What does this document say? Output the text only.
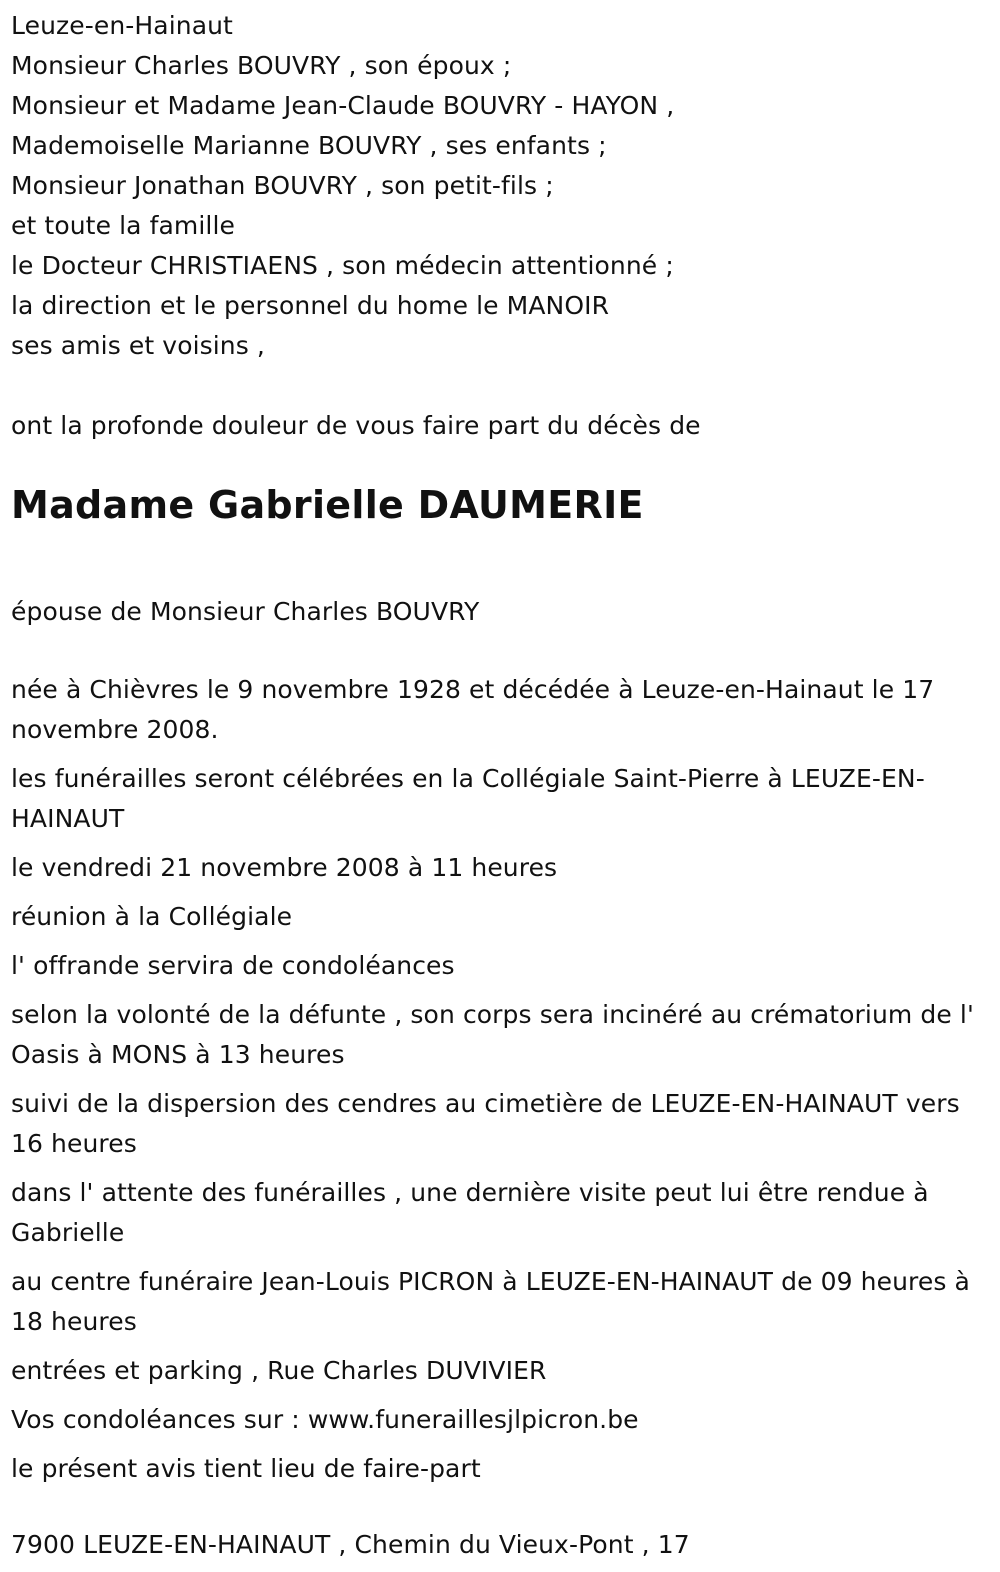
Leuze-en-Hainaut

Monsieur Charles BOUVRY , son époux ;

Monsieur et Madame Jean-Claude BOUVRY - HAYON ,

Mademoiselle Marianne BOUVRY , ses enfants ;

Monsieur Jonathan BOUVRY , son petit-fils ;

et toute la famille

le Docteur CHRISTIAENS , son médecin attentionné ;

la direction et le personnel du home le MANOIR

ses amis et voisins ,

ont la profonde douleur de vous faire part du décès de

Madame Gabrielle DAUMERIE

épouse de Monsieur Charles BOUVRY

née à Chièvres le 9 novembre 1928 et décédée à Leuze-en-Hainaut le 17 novembre 2008.

les funérailles seront célébrées en la Collégiale Saint-Pierre à LEUZE-EN-HAINAUT

le vendredi 21 novembre 2008 à 11 heures

réunion à la Collégiale

l' offrande servira de condoléances

selon la volonté de la défunte , son corps sera incinéré au crématorium de l' Oasis à MONS à 13 heures

suivi de la dispersion des cendres au cimetière de LEUZE-EN-HAINAUT vers 16 heures

dans l' attente des funérailles , une dernière visite peut lui être rendue à Gabrielle

au centre funéraire Jean-Louis PICRON à LEUZE-EN-HAINAUT de 09 heures à 18 heures

entrées et parking , Rue Charles DUVIVIER

Vos condoléances sur : www.funeraillesjlpicron.be

le présent avis tient lieu de faire-part

7900 LEUZE-EN-HAINAUT , Chemin du Vieux-Pont , 17
